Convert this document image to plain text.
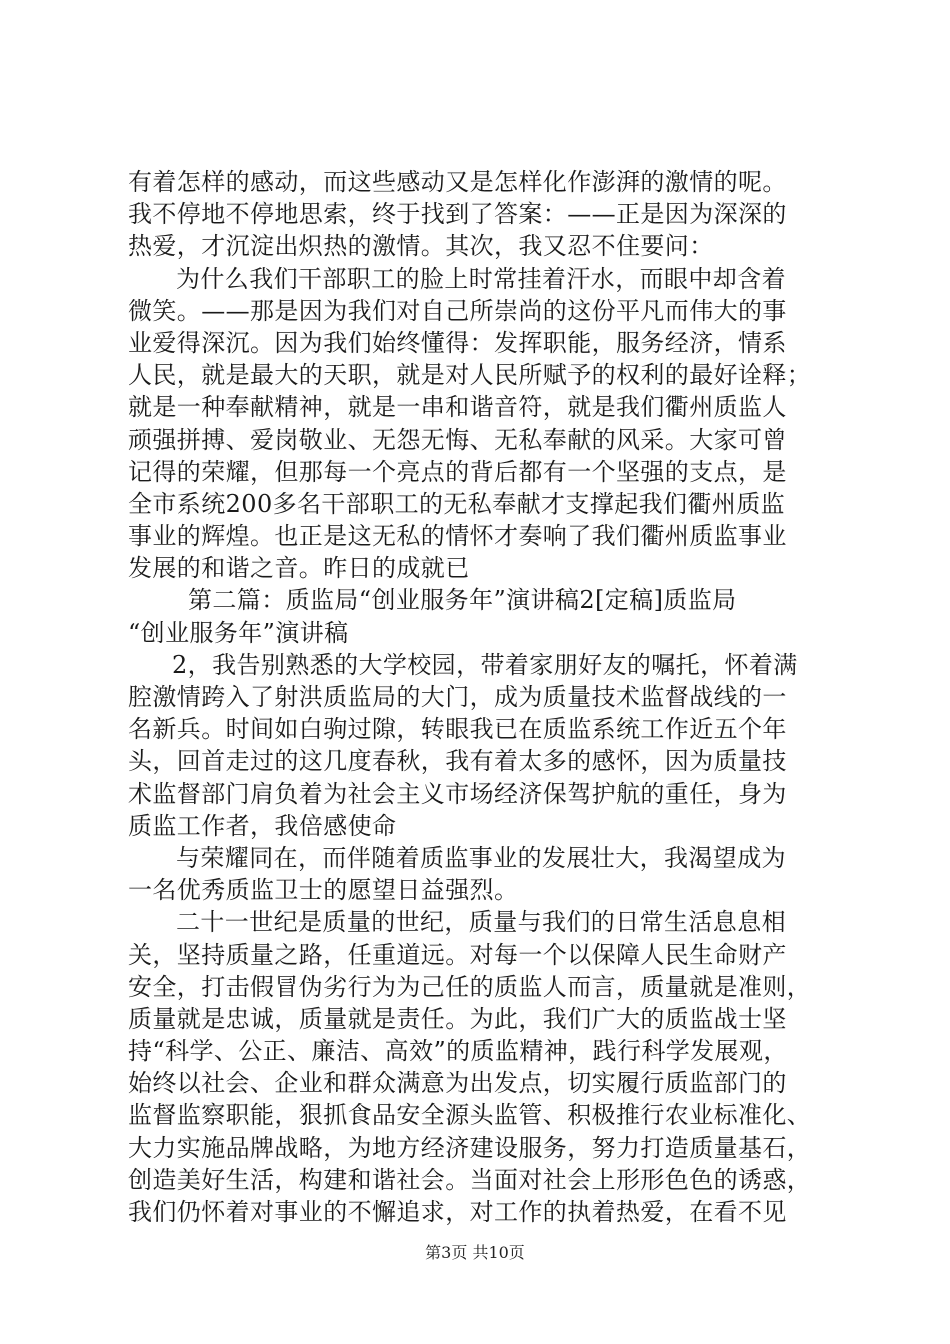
有着怎样的感动，而这些感动又是怎样化作澎湃的激情的呢。
我不停地不停地思索，终于找到了答案：——正是因为深深的
热爱，才沉淀出炽热的激情。其次，我又忍不住要问：
为什么我们干部职工的脸上时常挂着汗水，而眼中却含着
微笑。——那是因为我们对自己所崇尚的这份平凡而伟大的事
业爱得深沉。因为我们始终懂得：发挥职能，服务经济，情系
人民，就是最大的天职，就是对人民所赋予的权利的最好诠释；
就是一种奉献精神，就是一串和谐音符，就是我们衢州质监人
顽强拼搏、爱岗敬业、无怨无悔、无私奉献的风采。大家可曾
记得的荣耀，但那每一个亮点的背后都有一个坚强的支点，是
全市系统200多名干部职工的无私奉献才支撑起我们衢州质监
事业的辉煌。也正是这无私的情怀才奏响了我们衢州质监事业
发展的和谐之音。昨日的成就已
第二篇：质监局“创业服务年”演讲稿2[定稿]质监局
“创业服务年”演讲稿
2，我告别熟悉的大学校园，带着家朋好友的嘱托，怀着满
腔激情跨入了射洪质监局的大门，成为质量技术监督战线的一
名新兵。时间如白驹过隙，转眼我已在质监系统工作近五个年
头，回首走过的这几度春秋，我有着太多的感怀，因为质量技
术监督部门肩负着为社会主义市场经济保驾护航的重任，身为
质监工作者，我倍感使命
与荣耀同在，而伴随着质监事业的发展壮大，我渴望成为
一名优秀质监卫士的愿望日益强烈。
二十一世纪是质量的世纪，质量与我们的日常生活息息相
关，坚持质量之路，任重道远。对每一个以保障人民生命财产
安全，打击假冒伪劣行为为己任的质监人而言，质量就是准则，
质量就是忠诚，质量就是责任。为此，我们广大的质监战士坚
持“科学、公正、廉洁、高效”的质监精神，践行科学发展观，
始终以社会、企业和群众满意为出发点，切实履行质监部门的
监督监察职能，狠抓食品安全源头监管、积极推行农业标准化、
大力实施品牌战略，为地方经济建设服务，努力打造质量基石，
创造美好生活，构建和谐社会。当面对社会上形形色色的诱惑，
我们仍怀着对事业的不懈追求，对工作的执着热爱，在看不见
第3页 共10页
